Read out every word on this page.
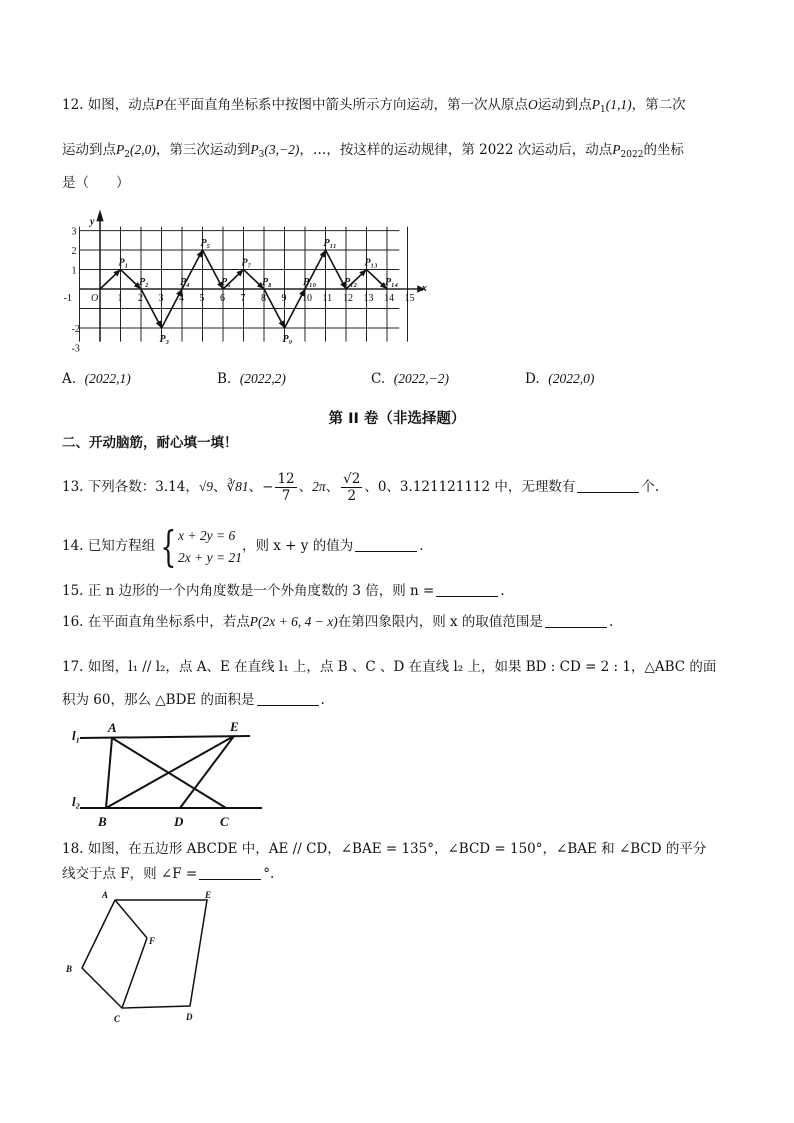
12. 如图，动点P在平面直角坐标系中按图中箭头所示方向运动，第一次从原点O运动到点$P_1(1,1)$，第二次
运动到点$P_2(2,0)$，第三次运动到$P_3(3,-2)$，…，按这样的运动规律，第 2022 次运动后，动点$P_{2022}$的坐标
是（　　）
-1	1 2 3 4 5 6 7 8 9 10 11 12 13 14 15
3
2
1
-2
-3
O
y
x
P₁
P₂
P₃
P₄
P₅
P₆
P₇
P₈
P₉
P₁₀
P₁₁
P₁₂
P₁₃
P₁₄
A. (2022,1)	B. (2022,2)	C. (2022,−2)	D. (2022,0)
第 II 卷（非选择题）
二、开动脑筋，耐心填一填！
13. 下列各数：3.14，√9、∛81、− $\frac{12}{7}$ 、2π、 $\frac{√2}{2}$ 、0、3.121121112 中，无理数有	个.
14. 已知方程组 { x + 2y = 6
2x + y = 21
，则 x + y 的值为	.
15. 正 n 边形的一个内角度数是一个外角度数的 3 倍，则 n =	.
16. 在平面直角坐标系中，若点P(2x + 6, 4 − x)在第四象限内，则 x 的取值范围是	.
17. 如图，l₁ // l₂，点 A、E 在直线 l₁ 上，点 B 、C 、D 在直线 l₂ 上，如果 BD : CD = 2 : 1，△ABC 的面
积为 60，那么 △BDE 的面积是	.
l₁
l₂
A	E
B	D	C
18. 如图，在五边形 ABCDE 中，AE // CD，∠BAE = 135°，∠BCD = 150°，∠BAE 和 ∠BCD 的平分
线交于点 F，则 ∠F =	°.
A
B
C	D
E
F
